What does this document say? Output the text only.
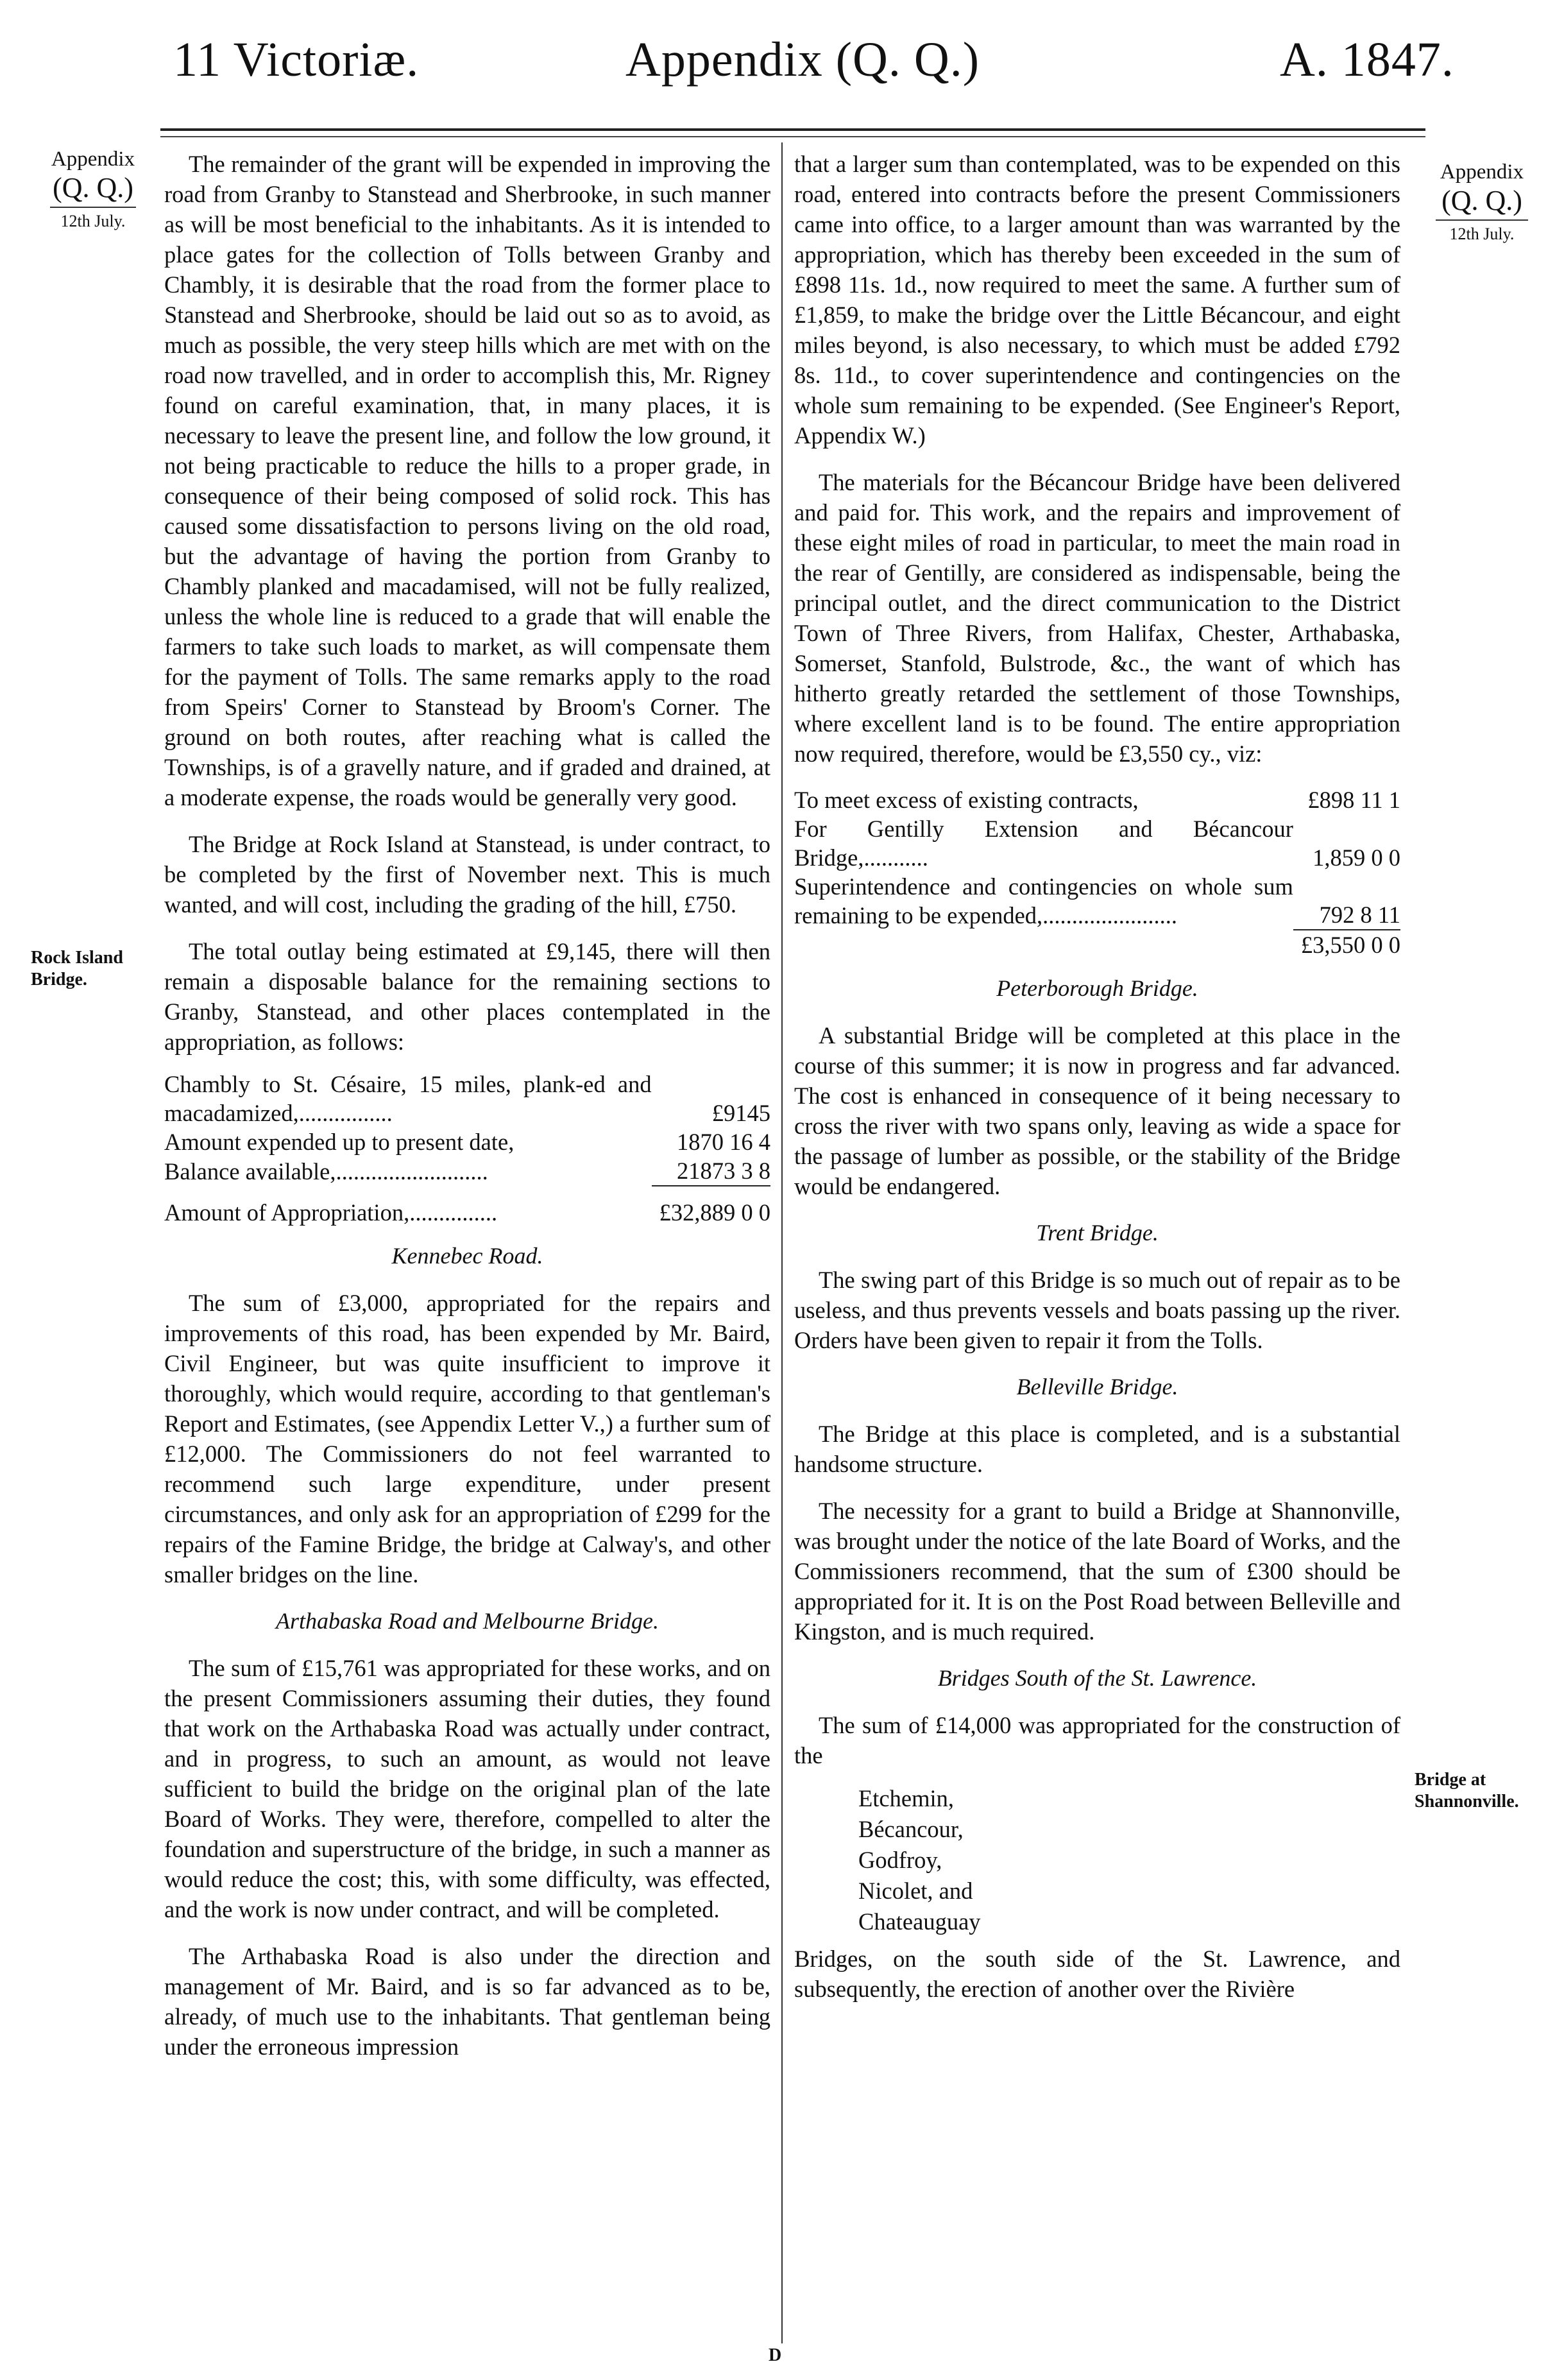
11 Victoriæ.	Appendix (Q. Q.)	A. 1847.
Appendix
(Q. Q.)
12th July.
Appendix
(Q. Q.)
12th July.
Rock Island Bridge.
Bridge at Shannonville.

The remainder of the grant will be expended in improving the road from Granby to Stanstead and Sherbrooke, in such manner as will be most beneficial to the inhabitants. As it is intended to place gates for the collection of Tolls between Granby and Chambly, it is desirable that the road from the former place to Stanstead and Sherbrooke, should be laid out so as to avoid, as much as possible, the very steep hills which are met with on the road now travelled, and in order to accomplish this, Mr. Rigney found on careful examination, that, in many places, it is necessary to leave the present line, and follow the low ground, it not being practicable to reduce the hills to a proper grade, in consequence of their being composed of solid rock. This has caused some dissatisfaction to persons living on the old road, but the advantage of having the portion from Granby to Chambly planked and macadamised, will not be fully realized, unless the whole line is reduced to a grade that will enable the farmers to take such loads to market, as will compensate them for the payment of Tolls. The same remarks apply to the road from Speirs' Corner to Stanstead by Broom's Corner. The ground on both routes, after reaching what is called the Townships, is of a gravelly nature, and if graded and drained, at a moderate expense, the roads would be generally very good.

The Bridge at Rock Island at Stanstead, is under contract, to be completed by the first of November next. This is much wanted, and will cost, including the grading of the hill, £750.

The total outlay being estimated at £9,145, there will then remain a disposable balance for the remaining sections to Granby, Stanstead, and other places contemplated in the appropriation, as follows:

Chambly to St. Césaire, 15 miles, plank-ed and macadamized,................	£9145
Amount expended up to present date,	1870 16 4
Balance available,..........................	21873 3 8
Amount of Appropriation,...............	£32,889 0 0
Kennebec Road.

The sum of £3,000, appropriated for the repairs and improvements of this road, has been expended by Mr. Baird, Civil Engineer, but was quite insufficient to improve it thoroughly, which would require, according to that gentleman's Report and Estimates, (see Appendix Letter V.,) a further sum of £12,000. The Commissioners do not feel warranted to recommend such large expenditure, under present circumstances, and only ask for an appropriation of £299 for the repairs of the Famine Bridge, the bridge at Calway's, and other smaller bridges on the line.

Arthabaska Road and Melbourne Bridge.

The sum of £15,761 was appropriated for these works, and on the present Commissioners assuming their duties, they found that work on the Arthabaska Road was actually under contract, and in progress, to such an amount, as would not leave sufficient to build the bridge on the original plan of the late Board of Works. They were, therefore, compelled to alter the foundation and superstructure of the bridge, in such a manner as would reduce the cost; this, with some difficulty, was effected, and the work is now under contract, and will be completed.

The Arthabaska Road is also under the direction and management of Mr. Baird, and is so far advanced as to be, already, of much use to the inhabitants. That gentleman being under the erroneous impression

that a larger sum than contemplated, was to be expended on this road, entered into contracts before the present Commissioners came into office, to a larger amount than was warranted by the appropriation, which has thereby been exceeded in the sum of £898 11s. 1d., now required to meet the same. A further sum of £1,859, to make the bridge over the Little Bécancour, and eight miles beyond, is also necessary, to which must be added £792 8s. 11d., to cover superintendence and contingencies on the whole sum remaining to be expended. (See Engineer's Report, Appendix W.)

The materials for the Bécancour Bridge have been delivered and paid for. This work, and the repairs and improvement of these eight miles of road in particular, to meet the main road in the rear of Gentilly, are considered as indispensable, being the principal outlet, and the direct communication to the District Town of Three Rivers, from Halifax, Chester, Arthabaska, Somerset, Stanfold, Bulstrode, &c., the want of which has hitherto greatly retarded the settlement of those Townships, where excellent land is to be found. The entire appropriation now required, therefore, would be £3,550 cy., viz:

To meet excess of existing contracts,	£898 11 1
For Gentilly Extension and Bécancour Bridge,...........	1,859 0 0
Superintendence and contingencies on whole sum remaining to be expended,.......................	792 8 11
	£3,550 0 0
Peterborough Bridge.

A substantial Bridge will be completed at this place in the course of this summer; it is now in progress and far advanced. The cost is enhanced in consequence of it being necessary to cross the river with two spans only, leaving as wide a space for the passage of lumber as possible, or the stability of the Bridge would be endangered.

Trent Bridge.

The swing part of this Bridge is so much out of repair as to be useless, and thus prevents vessels and boats passing up the river. Orders have been given to repair it from the Tolls.

Belleville Bridge.

The Bridge at this place is completed, and is a substantial handsome structure.

The necessity for a grant to build a Bridge at Shannonville, was brought under the notice of the late Board of Works, and the Commissioners recommend, that the sum of £300 should be appropriated for it. It is on the Post Road between Belleville and Kingston, and is much required.

Bridges South of the St. Lawrence.

The sum of £14,000 was appropriated for the construction of the

Etchemin,
Bécancour,
Godfroy,
Nicolet, and
Chateauguay

Bridges, on the south side of the St. Lawrence, and subsequently, the erection of another over the Rivière

D
